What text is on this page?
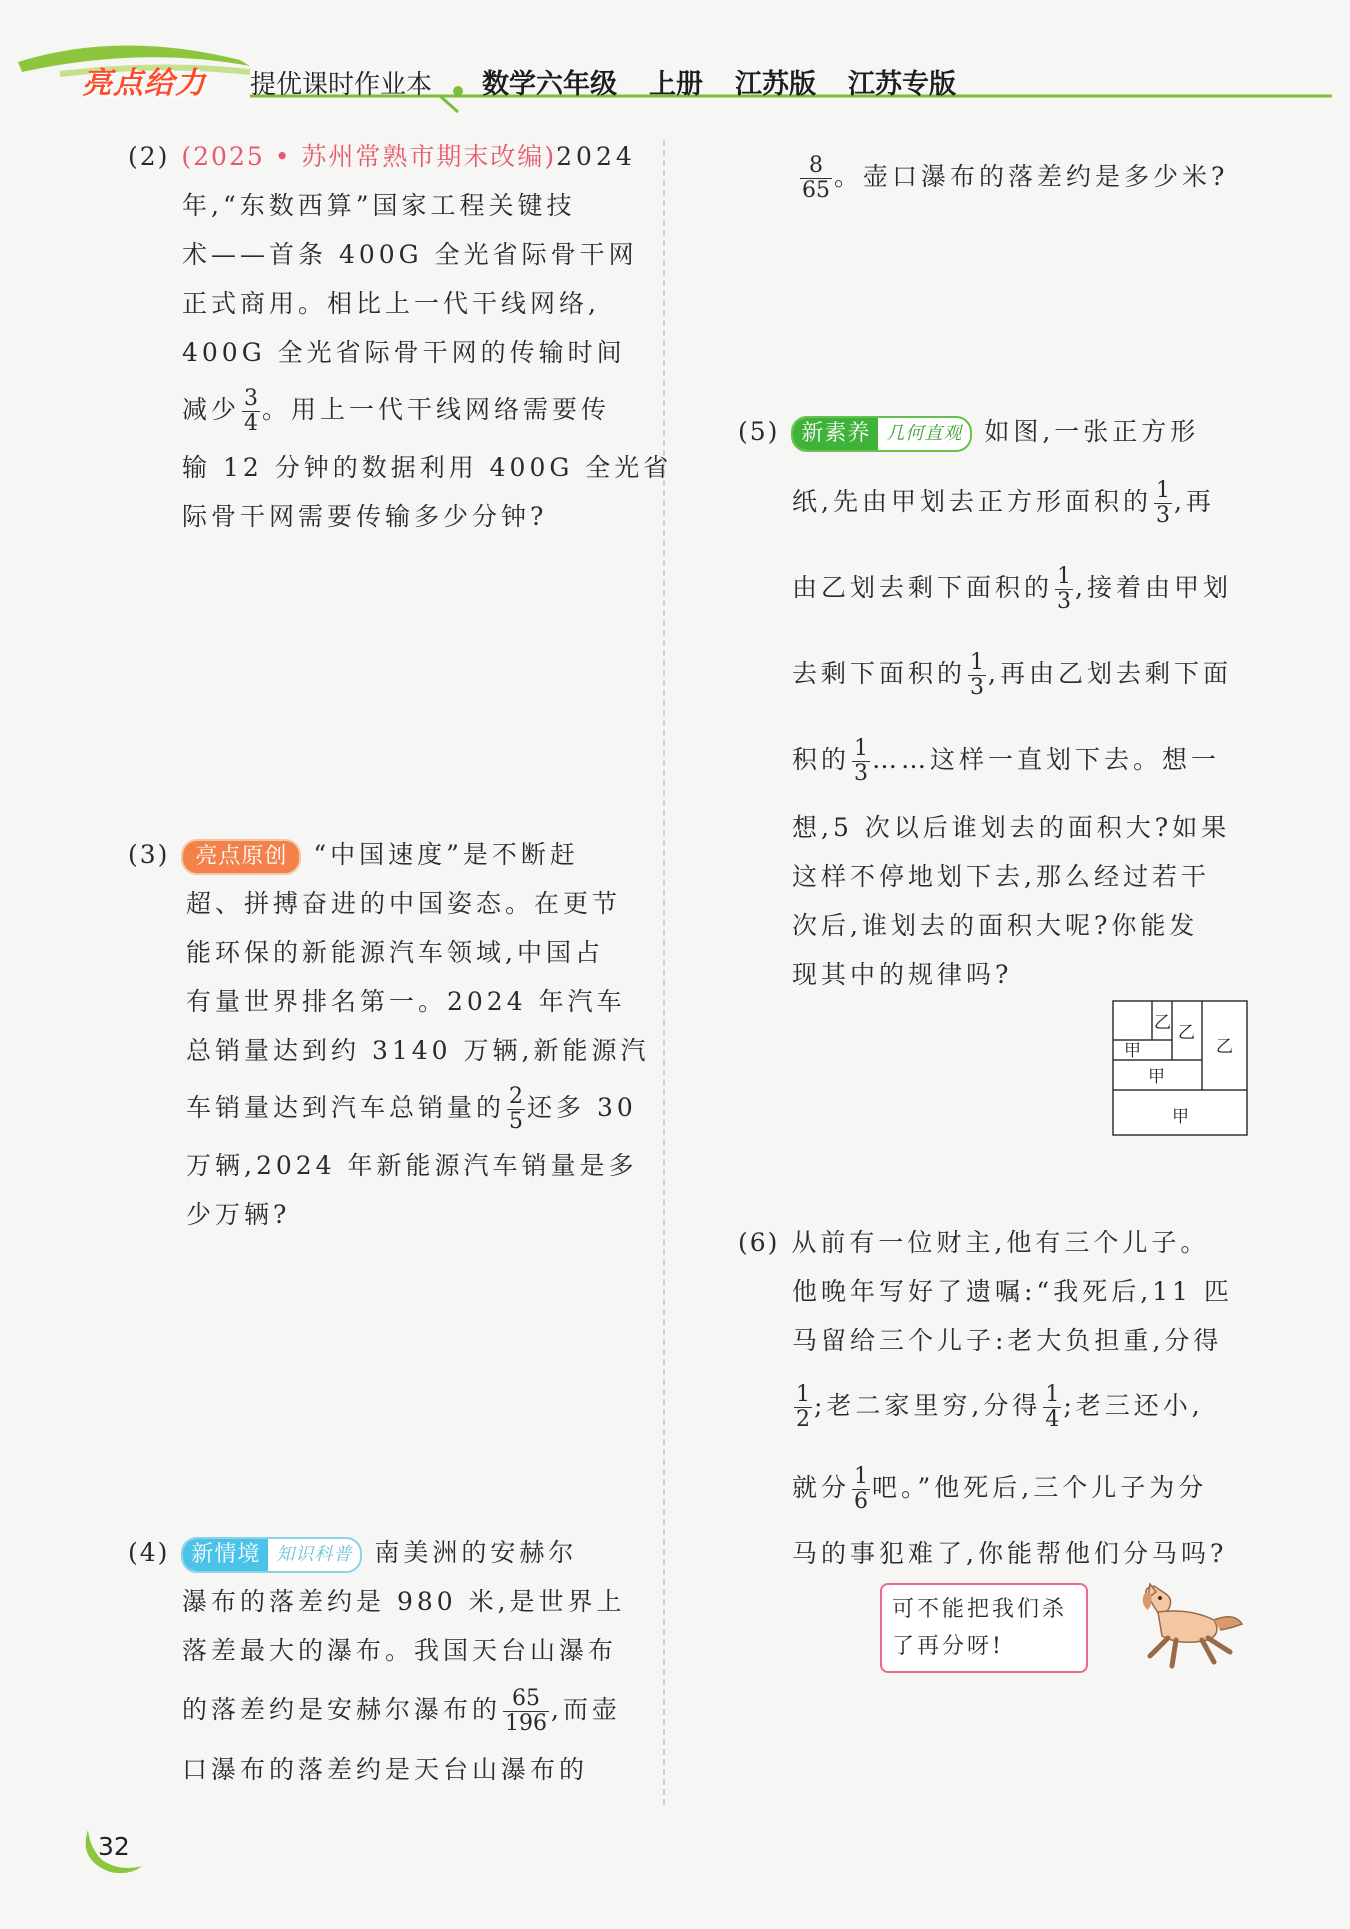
亮点给力 提优课时作业本 数学六年级 上册 江苏版 江苏专版
(2) (2025 • 苏州常熟市期末改编)2024
年,“东数西算”国家工程关键技
术——首条 400G 全光省际骨干网
正式商用。相比上一代干线网络,
400G 全光省际骨干网的传输时间
减少 $\frac{3}{4}$ 。用上一代干线网络需要传
输 12 分钟的数据利用 400G 全光省
际骨干网需要传输多少分钟?
(3) 亮点原创 “中国速度”是不断赶
超、拼搏奋进的中国姿态。在更节
能环保的新能源汽车领域,中国占
有量世界排名第一。2024 年汽车
总销量达到约 3140 万辆,新能源汽
车销量达到汽车总销量的 $\frac{2}{5}$ 还多 30
万辆,2024 年新能源汽车销量是多
少万辆?
(4) 新情境 知识科普 南美洲的安赫尔
瀑布的落差约是 980 米,是世界上
落差最大的瀑布。我国天台山瀑布
的落差约是安赫尔瀑布的 $\frac{65}{196}$ ,而壶
口瀑布的落差约是天台山瀑布的
$\frac{8}{65}$ 。壶口瀑布的落差约是多少米?
(5) 新素养 几何直观 如图,一张正方形
纸,先由甲划去正方形面积的 $\frac{1}{3}$ ,再
由乙划去剩下面积的 $\frac{1}{3}$ ,接着由甲划
去剩下面积的 $\frac{1}{3}$ ,再由乙划去剩下面
积的 $\frac{1}{3}$ ……这样一直划下去。想一
想,5 次以后谁划去的面积大?如果
这样不停地划下去,那么经过若干
次后,谁划去的面积大呢?你能发
现其中的规律吗?
甲
甲
甲	乙
乙
乙
(6) 从前有一位财主,他有三个儿子。
他晚年写好了遗嘱:“我死后,11 匹
马留给三个儿子:老大负担重,分得
$\frac{1}{2}$ ;老二家里穷,分得 $\frac{1}{4}$ ;老三还小,
就分 $\frac{1}{6}$ 吧。”他死后,三个儿子为分
马的事犯难了,你能帮他们分马吗?
可不能把我们杀
了再分呀!
32
